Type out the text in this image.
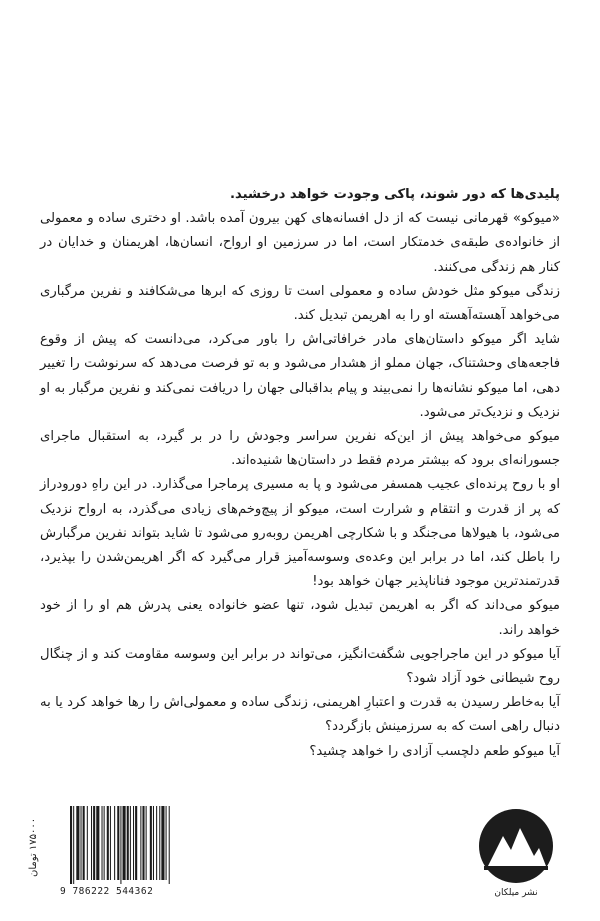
پلیدی‌ها که دور شوند، پاکی وجودت خواهد درخشید.

«میوکو» قهرمانی نیست که از دل افسانه‌های کهن بیرون آمده باشد. او دختری ساده و معمولی از خانواده‌ی طبقه‌ی خدمتکار است، اما در سرزمین او ارواح، انسان‌ها، اهریمنان و خدایان در کنار هم زندگی می‌کنند.

زندگی میوکو مثل خودش ساده و معمولی است تا روزی که ابرها می‌شکافند و نفرین مرگباری می‌خواهد آهسته‌آهسته او را به اهریمن تبدیل کند.

شاید اگر میوکو داستان‌های مادر خرافاتی‌اش را باور می‌کرد، می‌دانست که پیش از وقوع فاجعه‌های وحشتناک، جهان مملو از هشدار می‌شود و به تو فرصت می‌دهد که سرنوشت را تغییر دهی، اما میوکو نشانه‌ها را نمی‌بیند و پیام بداقبالی جهان را دریافت نمی‌کند و نفرین مرگبار به او نزدیک و نزدیک‌تر می‌شود.

میوکو می‌خواهد پیش از این‌که نفرین سراسر وجودش را در بر گیرد، به استقبال ماجرای جسورانه‌ای برود که بیشتر مردم فقط در داستان‌ها شنیده‌اند.

او با روح پرنده‌ای عجیب همسفر می‌شود و پا به مسیری پرماجرا می‌گذارد. در این راهِ دورودراز که پر از قدرت و انتقام و شرارت است، میوکو از پیچ‌وخم‌های زیادی می‌گذرد، به ارواح نزدیک می‌شود، با هیولاها می‌جنگد و با شکارچی اهریمن روبه‌رو می‌شود تا شاید بتواند نفرین مرگبارش را باطل کند، اما در برابر این وعده‌ی وسوسه‌آمیز قرار می‌گیرد که اگر اهریمن‌شدن را بپذیرد، قدرتمندترین موجود فناناپذیر جهان خواهد بود!

میوکو می‌داند که اگر به اهریمن تبدیل شود، تنها عضو خانواده یعنی پدرش هم او را از خود خواهد راند.

آیا میوکو در این ماجراجویی شگفت‌انگیز، می‌تواند در برابر این وسوسه مقاومت کند و از چنگال روح شیطانی خود آزاد شود؟

آیا به‌خاطر رسیدن به قدرت و اعتبارِ اهریمنی، زندگی ساده و معمولی‌اش را رها خواهد کرد یا به دنبال راهی است که به سرزمینش بازگردد؟

آیا میوکو طعم دلچسب آزادی را خواهد چشید؟

نشر میلکان
9 786222 544362
۱۷۵۰۰۰ تومان
